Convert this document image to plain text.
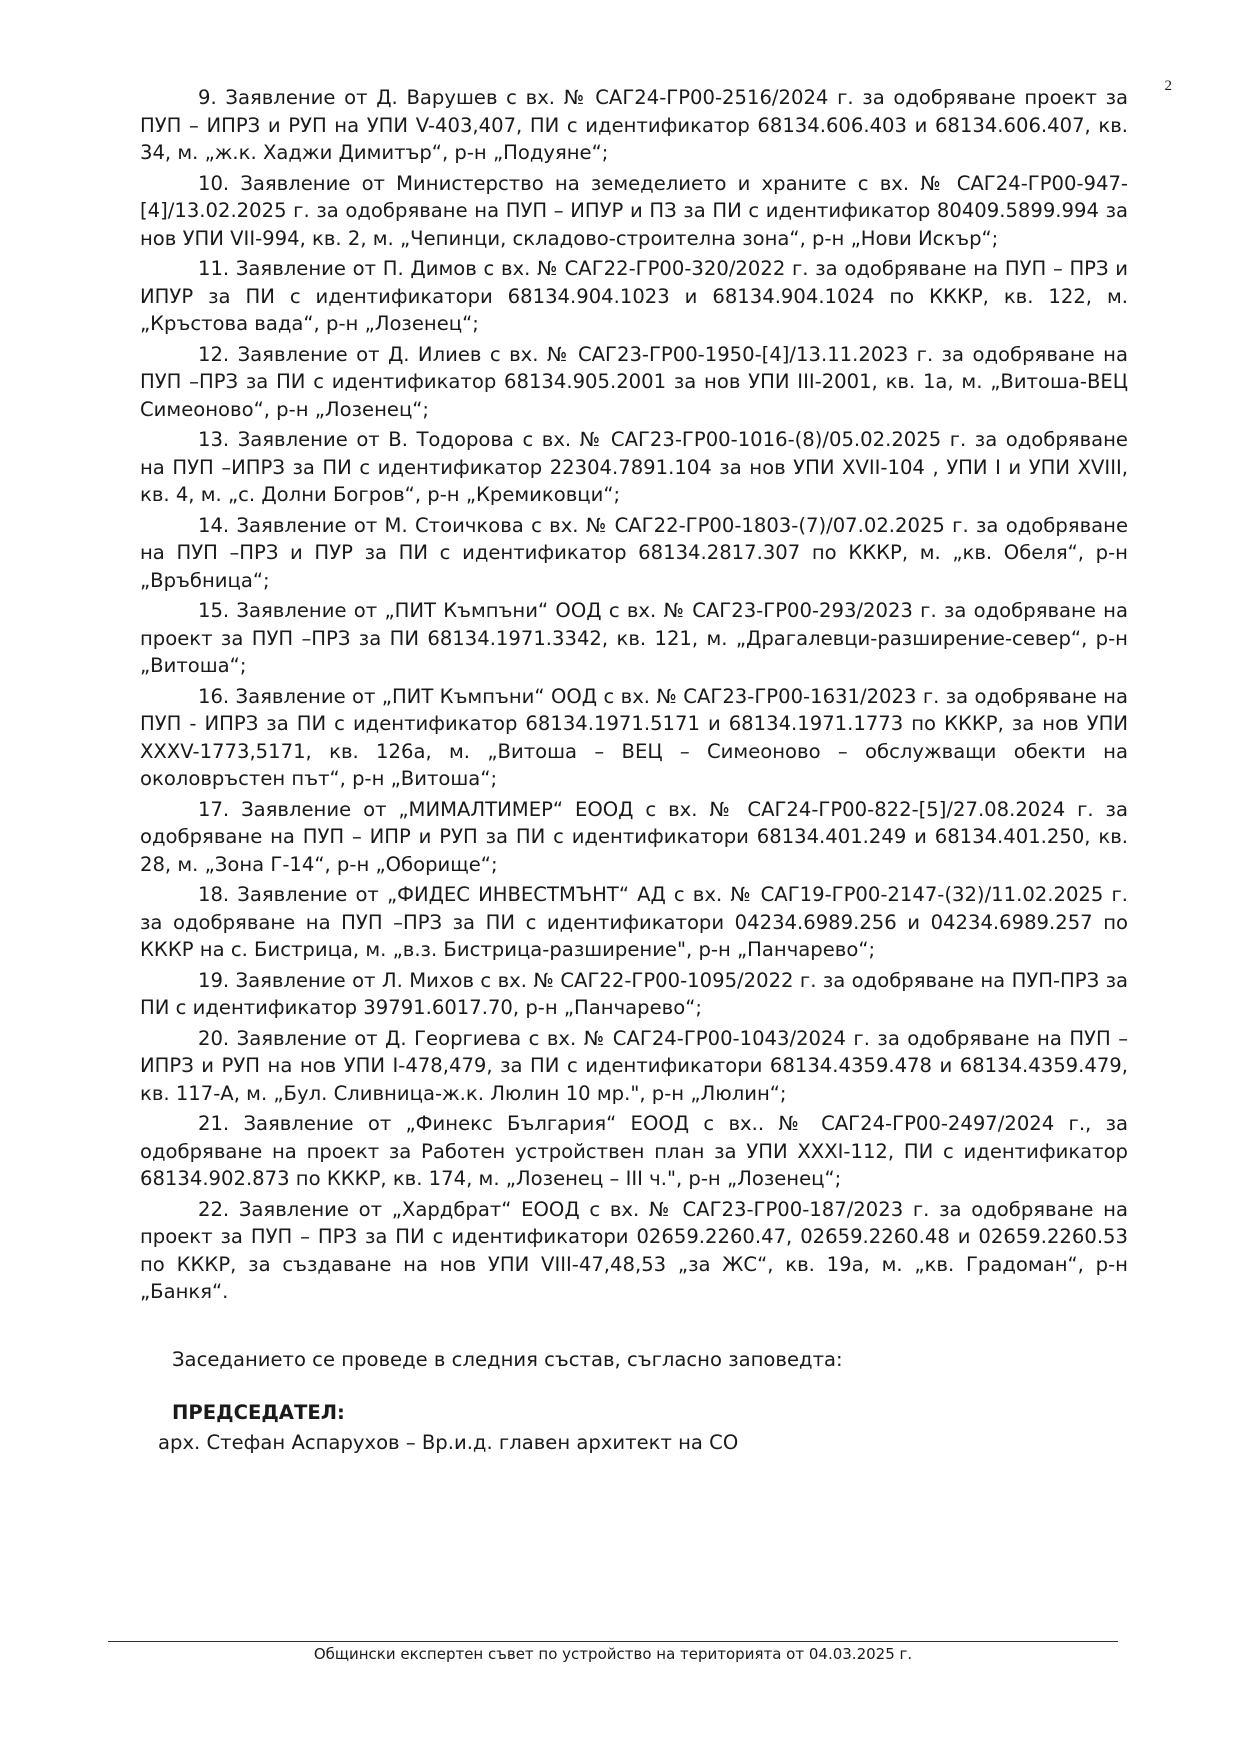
2

9. Заявление от Д. Варушев с вх. № САГ24-ГР00-2516/2024 г. за одобряване проект за ПУП – ИПРЗ и РУП на УПИ V-403,407, ПИ с идентификатор 68134.606.403 и 68134.606.407, кв. 34, м. „ж.к. Хаджи Димитър“, р-н „Подуяне“;

10. Заявление от Министерство на земеделието и храните с вх. № САГ24-ГР00-947-[4]/13.02.2025 г. за одобряване на ПУП – ИПУР и ПЗ за ПИ с идентификатор 80409.5899.994 за нов УПИ VII-994, кв. 2, м. „Чепинци, складово-строителна зона“, р-н „Нови Искър“;

11. Заявление от П. Димов с вх. № САГ22-ГР00-320/2022 г. за одобряване на ПУП – ПРЗ и ИПУР за ПИ с идентификатори 68134.904.1023 и 68134.904.1024 по КККР, кв. 122, м. „Кръстова вада“, р-н „Лозенец“;

12. Заявление от Д. Илиев с вх. № САГ23-ГР00-1950-[4]/13.11.2023 г. за одобряване на ПУП –ПРЗ за ПИ с идентификатор 68134.905.2001 за нов УПИ III-2001, кв. 1а, м. „Витоша-ВЕЦ Симеоново“, р-н „Лозенец“;

13. Заявление от В. Тодорова с вх. № САГ23-ГР00-1016-(8)/05.02.2025 г. за одобряване на ПУП –ИПРЗ за ПИ с идентификатор 22304.7891.104 за нов УПИ XVII-104 , УПИ I и УПИ XVIII, кв. 4, м. „с. Долни Богров“, р-н „Кремиковци“;

14. Заявление от М. Стоичкова с вх. № САГ22-ГР00-1803-(7)/07.02.2025 г. за одобряване на ПУП –ПРЗ и ПУР за ПИ с идентификатор 68134.2817.307 по КККР, м. „кв. Обеля“, р-н „Връбница“;

15. Заявление от „ПИТ Къмпъни“ ООД с вх. № САГ23-ГР00-293/2023 г. за одобряване на проект за ПУП –ПРЗ за ПИ 68134.1971.3342, кв. 121, м. „Драгалевци-разширение-север“, р-н „Витоша“;

16. Заявление от „ПИТ Къмпъни“ ООД с вх. № САГ23-ГР00-1631/2023 г. за одобряване на ПУП - ИПРЗ за ПИ с идентификатор 68134.1971.5171 и 68134.1971.1773 по КККР, за нов УПИ XXXV-1773,5171, кв. 126а, м. „Витоша – ВЕЦ – Симеоново – обслужващи обекти на околовръстен път“, р-н „Витоша“;

17. Заявление от „МИМАЛТИМЕР“ ЕООД с вх. № САГ24-ГР00-822-[5]/27.08.2024 г. за одобряване на ПУП – ИПР и РУП за ПИ с идентификатори 68134.401.249 и 68134.401.250, кв. 28, м. „Зона Г-14“, р-н „Оборище“;

18. Заявление от „ФИДЕС ИНВЕСТМЪНТ“ АД с вх. № САГ19-ГР00-2147-(32)/11.02.2025 г. за одобряване на ПУП –ПРЗ за ПИ с идентификатори 04234.6989.256 и 04234.6989.257 по КККР на с. Бистрица, м. „в.з. Бистрица-разширение", р-н „Панчарево“;

19. Заявление от Л. Михов с вх. № САГ22-ГР00-1095/2022 г. за одобряване на ПУП-ПРЗ за ПИ с идентификатор 39791.6017.70, р-н „Панчарево“;

20. Заявление от Д. Георгиева с вх. № САГ24-ГР00-1043/2024 г. за одобряване на ПУП – ИПРЗ и РУП на нов УПИ I-478,479, за ПИ с идентификатори 68134.4359.478 и 68134.4359.479, кв. 117-А, м. „Бул. Сливница-ж.к. Люлин 10 мр.", р-н „Люлин“;

21. Заявление от „Финекс България“ ЕООД с вх.. № САГ24-ГР00-2497/2024 г., за одобряване на проект за Работен устройствен план за УПИ XXXI-112, ПИ с идентификатор 68134.902.873 по КККР, кв. 174, м. „Лозенец – III ч.", р-н „Лозенец“;

22. Заявление от „Хардбрат“ ЕООД с вх. № САГ23-ГР00-187/2023 г. за одобряване на проект за ПУП – ПРЗ за ПИ с идентификатори 02659.2260.47, 02659.2260.48 и 02659.2260.53 по КККР, за създаване на нов УПИ VIII-47,48,53 „за ЖС“, кв. 19а, м. „кв. Градоман“, р-н „Банкя“.

Заседанието се проведе в следния състав, съгласно заповедта:

ПРЕДСЕДАТЕЛ:

арх. Стефан Аспарухов – Вр.и.д. главен архитект на СО

Общински експертен съвет по устройство на територията от 04.03.2025 г.
